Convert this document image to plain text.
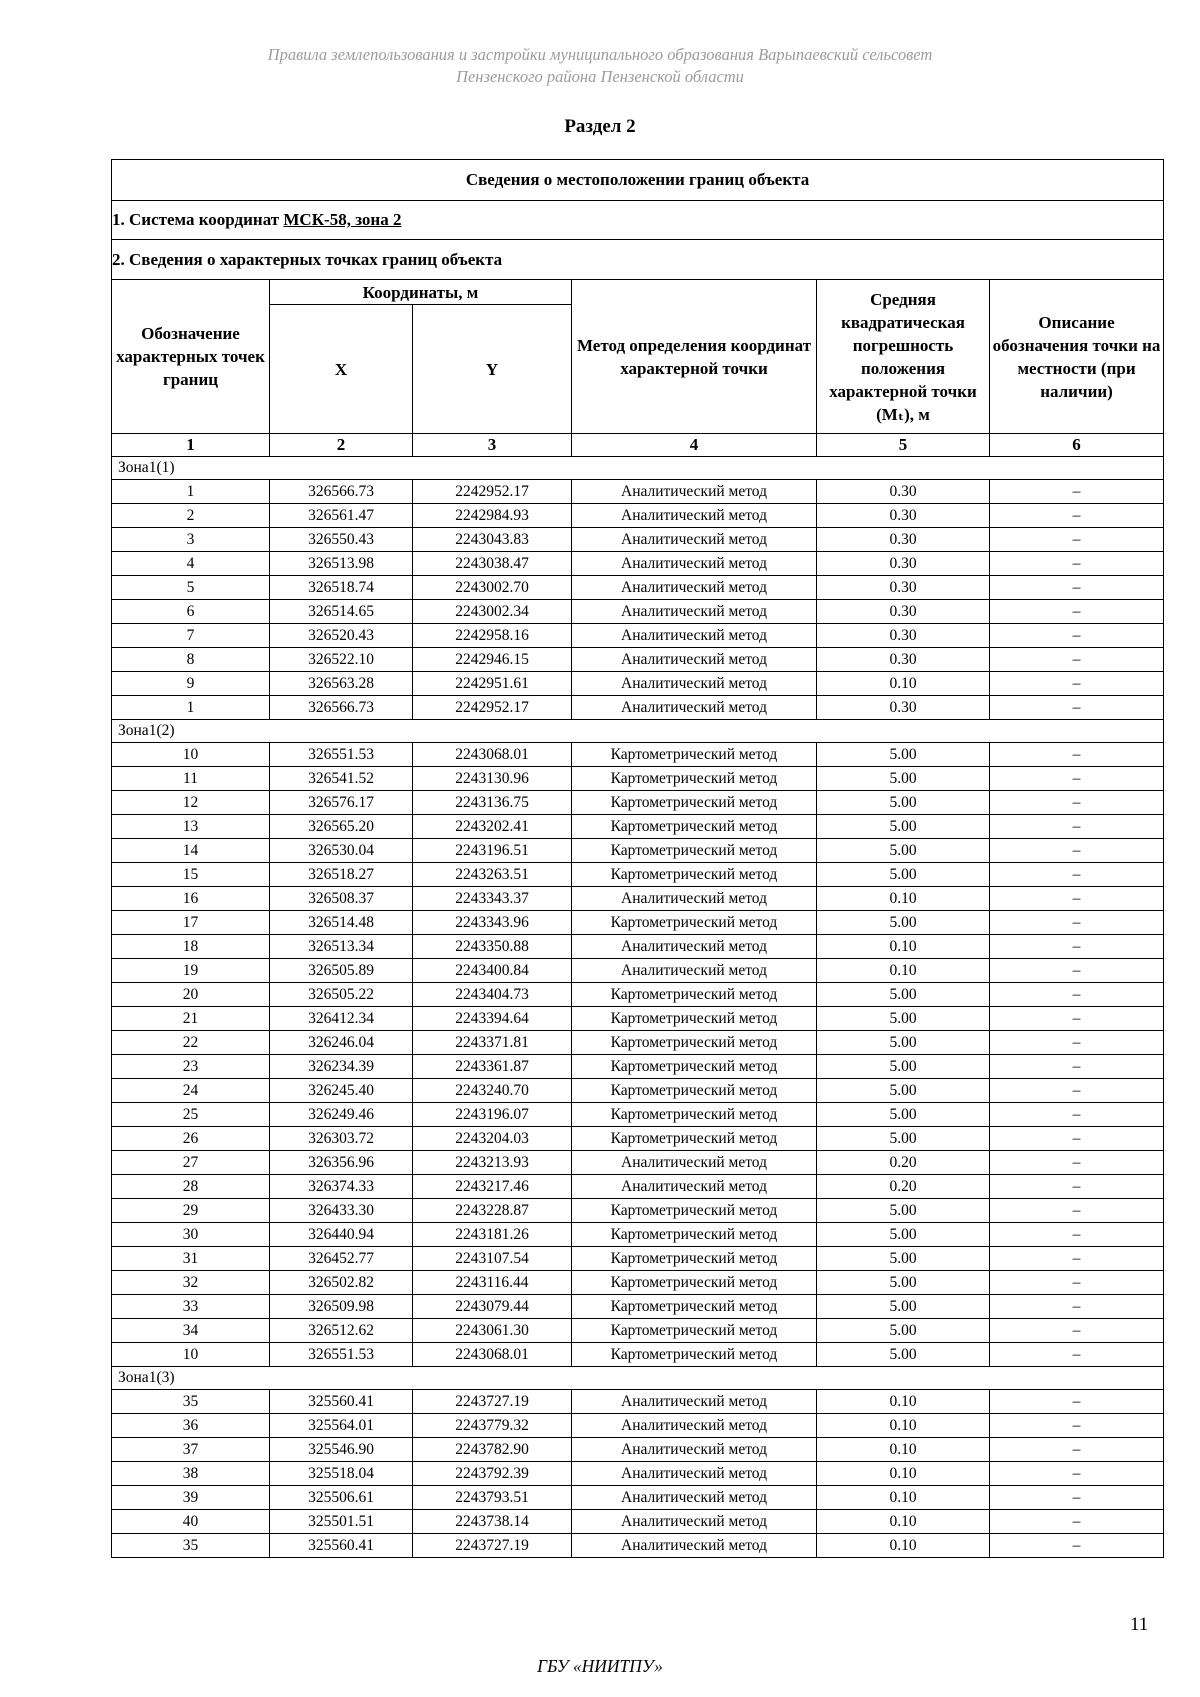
Правила землепользования и застройки муниципального образования Варыпаевский сельсовет
Пензенского района Пензенской области
Раздел 2
Сведения о местоположении границ объекта					
1. Система координат МСК-58, зона 2					
2. Сведения о характерных точках границ объекта					
Обозначение характерных точек границ	Координаты, м		Метод определения координат характерной точки	Средняя квадратическая погрешность положения характерной точки (Mₜ), м	Описание обозначения точки на местности (при наличии)
	X	Y			
1	2	3	4	5	6
Зона1(1)					
1	326566.73	2242952.17	Аналитический метод	0.30	–
2	326561.47	2242984.93	Аналитический метод	0.30	–
3	326550.43	2243043.83	Аналитический метод	0.30	–
4	326513.98	2243038.47	Аналитический метод	0.30	–
5	326518.74	2243002.70	Аналитический метод	0.30	–
6	326514.65	2243002.34	Аналитический метод	0.30	–
7	326520.43	2242958.16	Аналитический метод	0.30	–
8	326522.10	2242946.15	Аналитический метод	0.30	–
9	326563.28	2242951.61	Аналитический метод	0.10	–
1	326566.73	2242952.17	Аналитический метод	0.30	–
Зона1(2)					
10	326551.53	2243068.01	Картометрический метод	5.00	–
11	326541.52	2243130.96	Картометрический метод	5.00	–
12	326576.17	2243136.75	Картометрический метод	5.00	–
13	326565.20	2243202.41	Картометрический метод	5.00	–
14	326530.04	2243196.51	Картометрический метод	5.00	–
15	326518.27	2243263.51	Картометрический метод	5.00	–
16	326508.37	2243343.37	Аналитический метод	0.10	–
17	326514.48	2243343.96	Картометрический метод	5.00	–
18	326513.34	2243350.88	Аналитический метод	0.10	–
19	326505.89	2243400.84	Аналитический метод	0.10	–
20	326505.22	2243404.73	Картометрический метод	5.00	–
21	326412.34	2243394.64	Картометрический метод	5.00	–
22	326246.04	2243371.81	Картометрический метод	5.00	–
23	326234.39	2243361.87	Картометрический метод	5.00	–
24	326245.40	2243240.70	Картометрический метод	5.00	–
25	326249.46	2243196.07	Картометрический метод	5.00	–
26	326303.72	2243204.03	Картометрический метод	5.00	–
27	326356.96	2243213.93	Аналитический метод	0.20	–
28	326374.33	2243217.46	Аналитический метод	0.20	–
29	326433.30	2243228.87	Картометрический метод	5.00	–
30	326440.94	2243181.26	Картометрический метод	5.00	–
31	326452.77	2243107.54	Картометрический метод	5.00	–
32	326502.82	2243116.44	Картометрический метод	5.00	–
33	326509.98	2243079.44	Картометрический метод	5.00	–
34	326512.62	2243061.30	Картометрический метод	5.00	–
10	326551.53	2243068.01	Картометрический метод	5.00	–
Зона1(3)					
35	325560.41	2243727.19	Аналитический метод	0.10	–
36	325564.01	2243779.32	Аналитический метод	0.10	–
37	325546.90	2243782.90	Аналитический метод	0.10	–
38	325518.04	2243792.39	Аналитический метод	0.10	–
39	325506.61	2243793.51	Аналитический метод	0.10	–
40	325501.51	2243738.14	Аналитический метод	0.10	–
35	325560.41	2243727.19	Аналитический метод	0.10	–
11
ГБУ «НИИТПУ»
